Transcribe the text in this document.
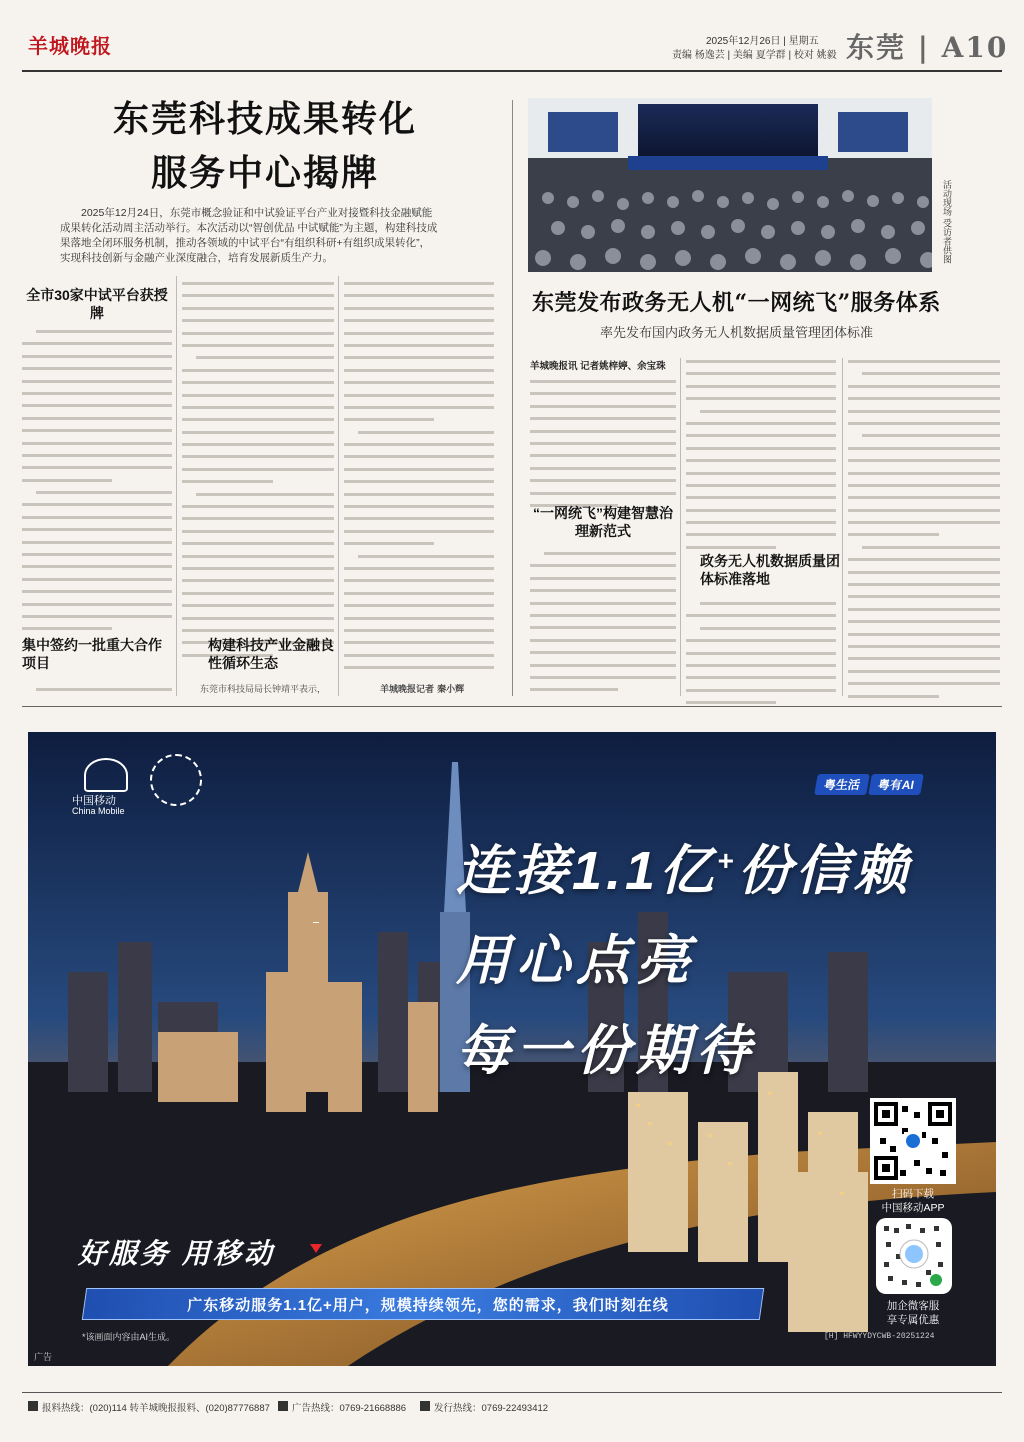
羊城晚报	2025年12月26日 | 星期五
责编 杨逸芸 | 美编 夏学群 | 校对 姚毅 东莞 | A10
东莞科技成果转化
服务中心揭牌
2025年12月24日，东莞市概念验证和中试验证平台产业对接暨科技金融赋能成果转化活动周主活动举行。本次活动以“智创优品 中试赋能”为主题，构建科技成果落地全闭环服务机制，推动各领域的中试平台“有组织科研+有组织成果转化”，实现科技创新与金融产业深度融合，培育发展新质生产力。
全市30家中试平台获授牌
集中签约一批重大合作项目
构建科技产业金融良性循环生态
东莞市科技局局长钟靖平表示，	羊城晚报记者 秦小辉
活动现场 受访者供图
东莞发布政务无人机“一网统飞”服务体系
率先发布国内政务无人机数据质量管理团体标准
羊城晚报讯 记者姚梓婷、余宝珠
“一网统飞”构建智慧治理新范式
政务无人机数据质量团体标准落地
中国移动
China Mobile
粤生活	粤有AI
连接1.1亿+份信赖
用心点亮
每一份期待
好服务 用移动
广东移动服务1.1亿+用户，规模持续领先，您的需求，我们时刻在线
*该画面内容由AI生成。
广告
[H] HFWYYDYCWB-20251224
扫码下载
中国移动APP
加企微客服
享专属优惠
报料热线：(020)114 转羊城晚报报料、(020)87776887 广告热线：0769-21668886	发行热线：0769-22493412
